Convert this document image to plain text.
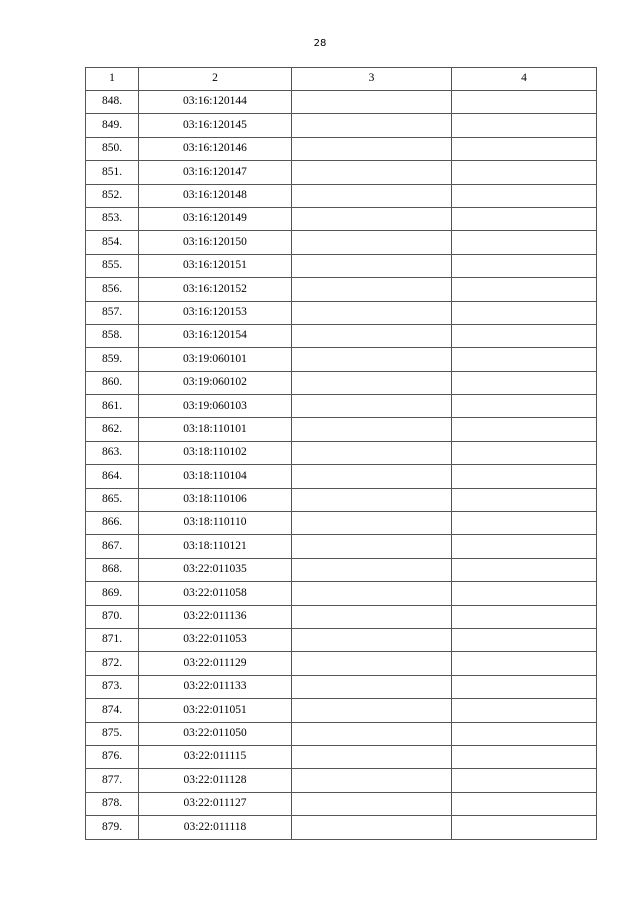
28
1	2	3	4
848.	03:16:120144		
849.	03:16:120145		
850.	03:16:120146		
851.	03:16:120147		
852.	03:16:120148		
853.	03:16:120149		
854.	03:16:120150		
855.	03:16:120151		
856.	03:16:120152		
857.	03:16:120153		
858.	03:16:120154		
859.	03:19:060101		
860.	03:19:060102		
861.	03:19:060103		
862.	03:18:110101		
863.	03:18:110102		
864.	03:18:110104		
865.	03:18:110106		
866.	03:18:110110		
867.	03:18:110121		
868.	03:22:011035		
869.	03:22:011058		
870.	03:22:011136		
871.	03:22:011053		
872.	03:22:011129		
873.	03:22:011133		
874.	03:22:011051		
875.	03:22:011050		
876.	03:22:011115		
877.	03:22:011128		
878.	03:22:011127		
879.	03:22:011118		
